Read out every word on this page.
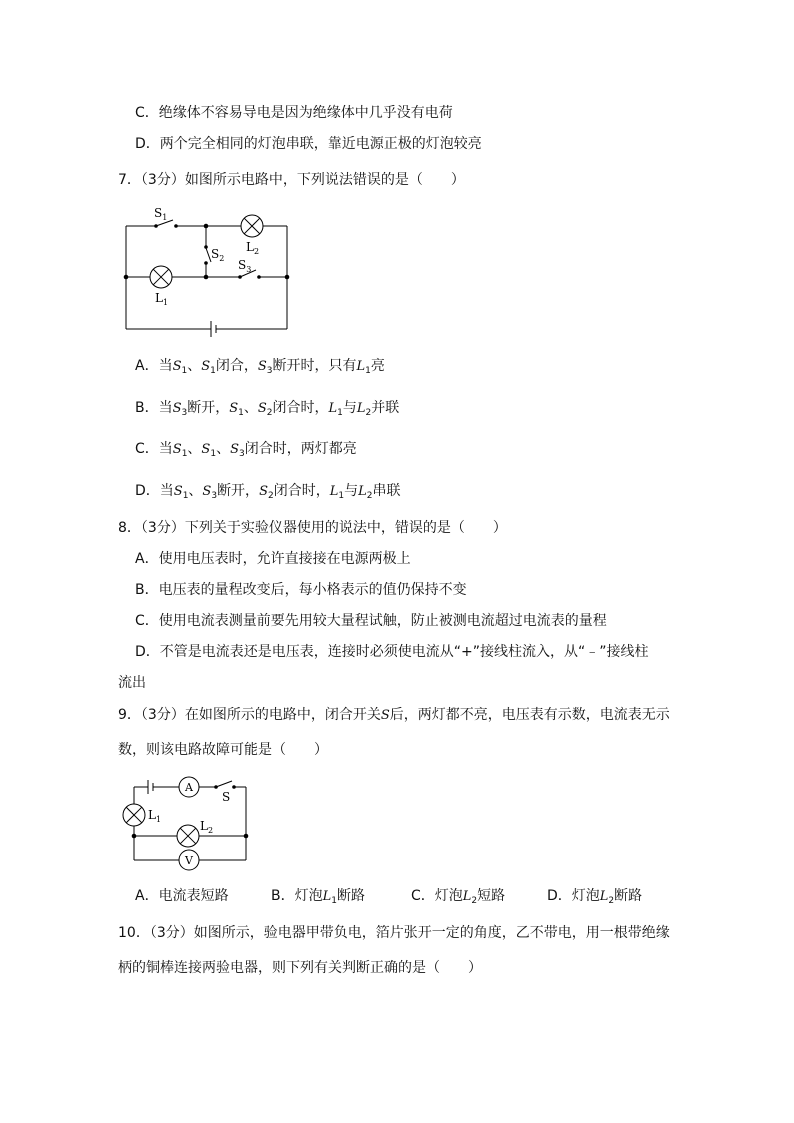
C．绝缘体不容易导电是因为绝缘体中几乎没有电荷
D．两个完全相同的灯泡串联，靠近电源正极的灯泡较亮
7．（3分）如图所示电路中，下列说法错误的是（　　）
$S_1$
$S_2$ $S_3$
$L_2$
$L_1$
A．当$S_1$、$S_1$闭合，$S_3$断开时，只有$L_1$亮
B．当$S_3$断开，$S_1$、$S_2$闭合时，$L_1$与$L_2$并联
C．当$S_1$、$S_1$、$S_3$闭合时，两灯都亮
D．当$S_1$、$S_3$断开，$S_2$闭合时，$L_1$与$L_2$串联
8．（3分）下列关于实验仪器使用的说法中，错误的是（　　）
A．使用电压表时，允许直接接在电源两极上
B．电压表的量程改变后，每小格表示的值仍保持不变
C．使用电流表测量前要先用较大量程试触，防止被测电流超过电流表的量程
D．不管是电流表还是电压表，连接时必须使电流从“+”接线柱流入，从“﹣”接线柱
流出
9．（3分）在如图所示的电路中，闭合开关S后，两灯都不亮，电压表有示数，电流表无示
数，则该电路故障可能是（　　）
A
V
S
$L_1$	$L_2$
A．电流表短路	B．灯泡$L_1$断路	C．灯泡$L_2$短路	D．灯泡$L_2$断路
10．（3分）如图所示，验电器甲带负电，箔片张开一定的角度，乙不带电，用一根带绝缘
柄的铜棒连接两验电器，则下列有关判断正确的是（　　）
